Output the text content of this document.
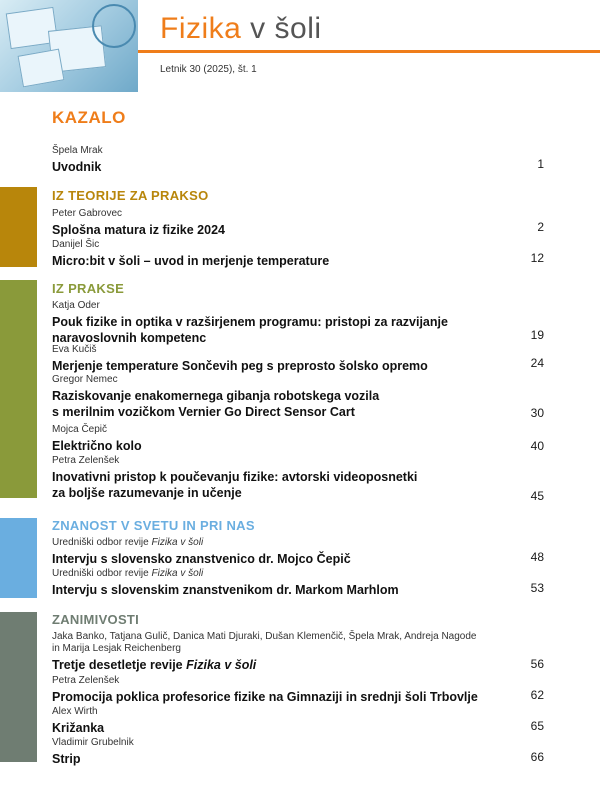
Fizika v šoli
Letnik 30 (2025), št. 1
KAZALO
Špela Mrak
Uvodnik	1
IZ TEORIJE ZA PRAKSO
Peter Gabrovec
Splošna matura iz fizike 2024	2
Danijel Šic
Micro:bit v šoli – uvod in merjenje temperature	12
IZ PRAKSE
Katja Oder
Pouk fizike in optika v razširjenem programu: pristopi za razvijanje
naravoslovnih kompetenc	19
Eva Kučiš
Merjenje temperature Sončevih peg s preprosto šolsko opremo	24
Gregor Nemec
Raziskovanje enakomernega gibanja robotskega vozila
s merilnim vozičkom Vernier Go Direct Sensor Cart	30
Mojca Čepič
Električno kolo	40
Petra Zelenšek
Inovativni pristop k poučevanju fizike: avtorski videoposnetki
za boljše razumevanje in učenje	45
ZNANOST V SVETU IN PRI NAS
Uredniški odbor revije Fizika v šoli
Intervju s slovensko znanstvenico dr. Mojco Čepič	48
Uredniški odbor revije Fizika v šoli
Intervju s slovenskim znanstvenikom dr. Markom Marhlom	53
ZANIMIVOSTI
Jaka Banko, Tatjana Gulič, Danica Mati Djuraki, Dušan Klemenčič, Špela Mrak, Andreja Nagode
in Marija Lesjak Reichenberg
Tretje desetletje revije Fizika v šoli	56
Petra Zelenšek
Promocija poklica profesorice fizike na Gimnaziji in srednji šoli Trbovlje	62
Alex Wirth
Križanka	65
Vladimir Grubelnik
Strip	66
